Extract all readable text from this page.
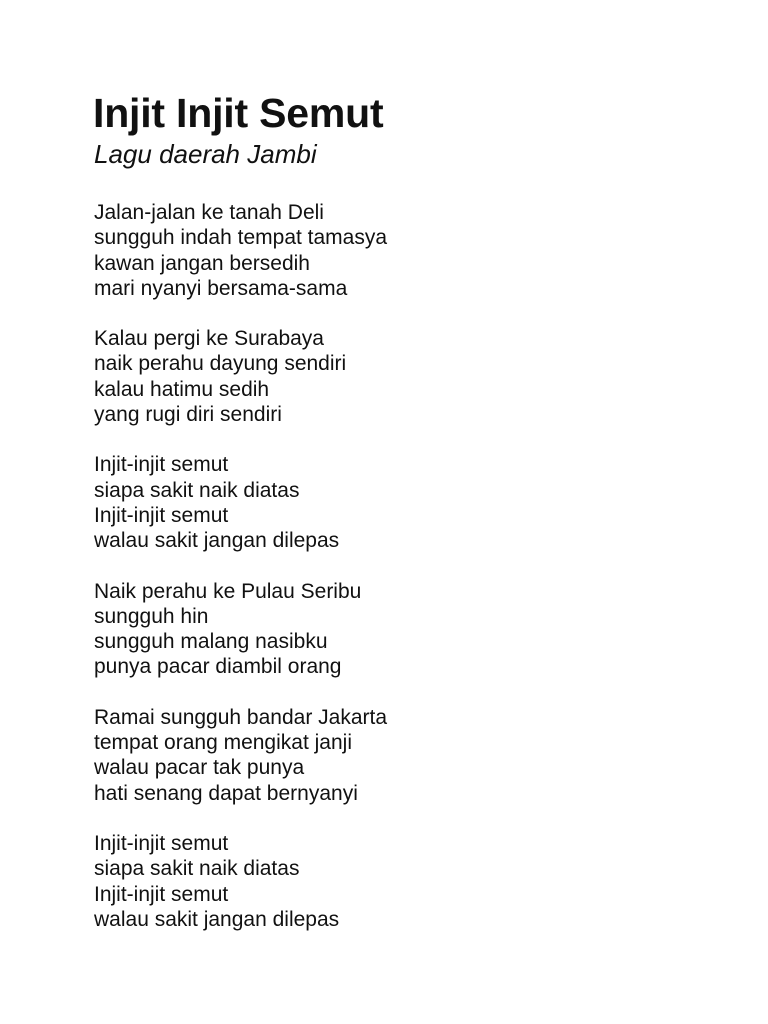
Injit Injit Semut
Lagu daerah Jambi
Jalan-jalan ke tanah Deli
sungguh indah tempat tamasya
kawan jangan bersedih
mari nyanyi bersama-sama
Kalau pergi ke Surabaya
naik perahu dayung sendiri
kalau hatimu sedih
yang rugi diri sendiri
Injit-injit semut
siapa sakit naik diatas
Injit-injit semut
walau sakit jangan dilepas
Naik perahu ke Pulau Seribu
sungguh hin
sungguh malang nasibku
punya pacar diambil orang
Ramai sungguh bandar Jakarta
tempat orang mengikat janji
walau pacar tak punya
hati senang dapat bernyanyi
Injit-injit semut
siapa sakit naik diatas
Injit-injit semut
walau sakit jangan dilepas
